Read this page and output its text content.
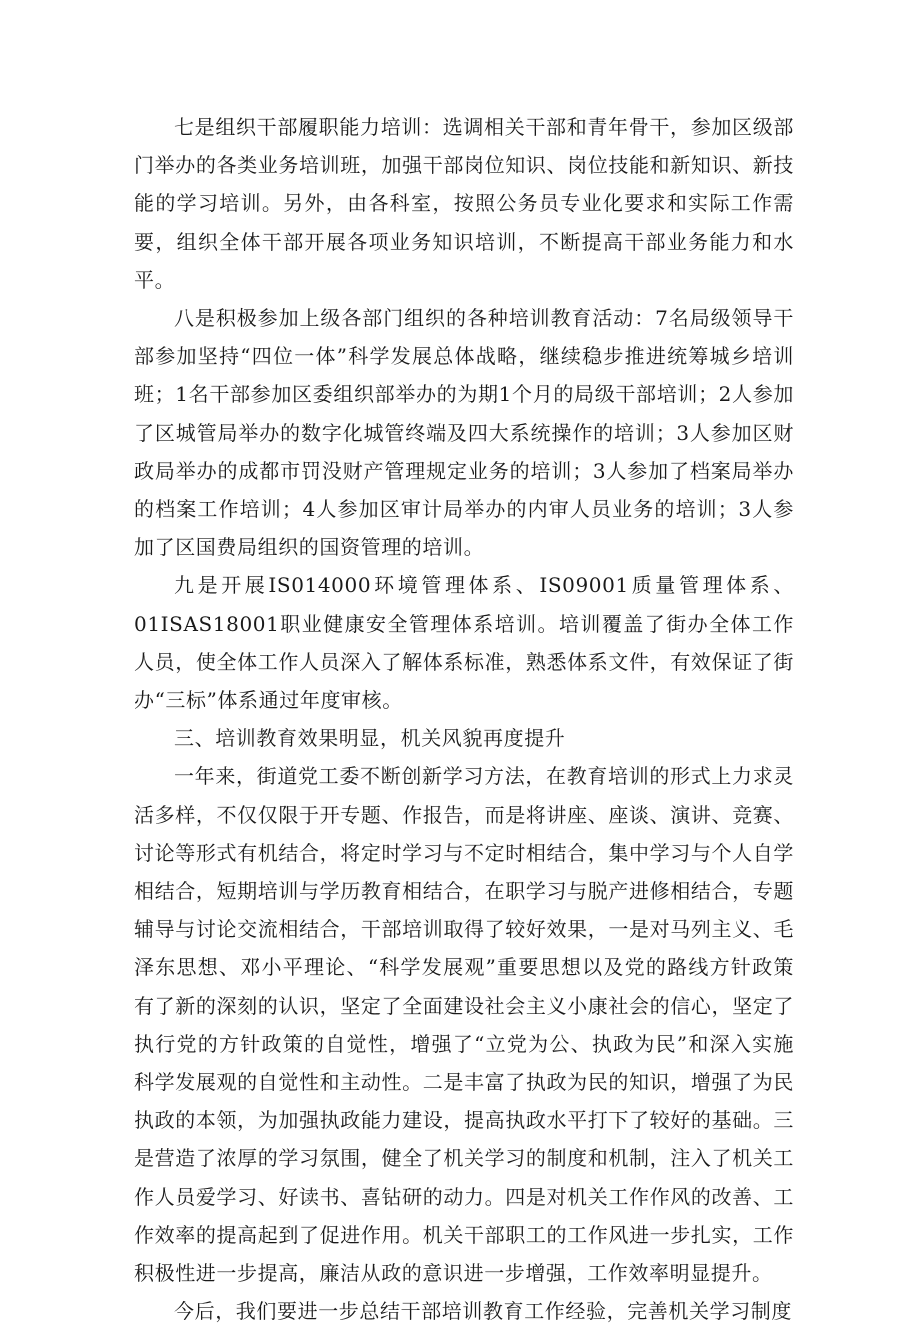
七是组织干部履职能力培训：选调相关干部和青年骨干，参加区级部门举办的各类业务培训班，加强干部岗位知识、岗位技能和新知识、新技能的学习培训。另外，由各科室，按照公务员专业化要求和实际工作需要，组织全体干部开展各项业务知识培训，不断提高干部业务能力和水平。

八是积极参加上级各部门组织的各种培训教育活动：7名局级领导干部参加坚持“四位一体”科学发展总体战略，继续稳步推进统筹城乡培训班；1名干部参加区委组织部举办的为期1个月的局级干部培训；2人参加了区城管局举办的数字化城管终端及四大系统操作的培训；3人参加区财政局举办的成都市罚没财产管理规定业务的培训；3人参加了档案局举办的档案工作培训；4人参加区审计局举办的内审人员业务的培训；3人参加了区国费局组织的国资管理的培训。

九是开展IS014000环境管理体系、IS09001质量管理体系、01ISAS18001职业健康安全管理体系培训。培训覆盖了街办全体工作人员，使全体工作人员深入了解体系标准，熟悉体系文件，有效保证了街办“三标”体系通过年度审核。

三、培训教育效果明显，机关风貌再度提升

一年来，街道党工委不断创新学习方法，在教育培训的形式上力求灵活多样，不仅仅限于开专题、作报告，而是将讲座、座谈、演讲、竞赛、讨论等形式有机结合，将定时学习与不定时相结合，集中学习与个人自学相结合，短期培训与学历教育相结合，在职学习与脱产进修相结合，专题辅导与讨论交流相结合，干部培训取得了较好效果，一是对马列主义、毛泽东思想、邓小平理论、“科学发展观”重要思想以及党的路线方针政策有了新的深刻的认识，坚定了全面建设社会主义小康社会的信心，坚定了执行党的方针政策的自觉性，增强了“立党为公、执政为民”和深入实施科学发展观的自觉性和主动性。二是丰富了执政为民的知识，增强了为民执政的本领，为加强执政能力建设，提高执政水平打下了较好的基础。三是营造了浓厚的学习氛围，健全了机关学习的制度和机制，注入了机关工作人员爱学习、好读书、喜钻研的动力。四是对机关工作作风的改善、工作效率的提高起到了促进作用。机关干部职工的工作风进一步扎实，工作积极性进一步提高，廉洁从政的意识进一步增强，工作效率明显提升。

今后，我们要进一步总结干部培训教育工作经验，完善机关学习制度
